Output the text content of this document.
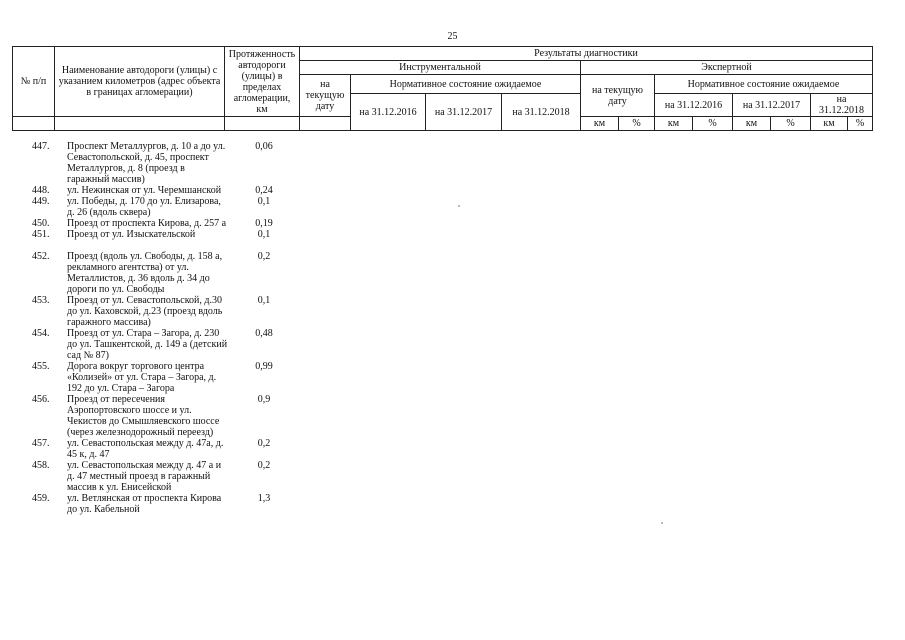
25
№ п/п	Наименование автодороги (улицы) с указанием километров (адрес объекта в границах агломерации)	Протяженность автодороги (улицы) в пределах агломерации, км	Результаты диагностики											
			Инструментальной				Экспертной							
			на текущую дату	Нормативное состояние ожидаемое			на текущую дату		Нормативное состояние ожидаемое					
				на 31.12.2016	на 31.12.2017	на 31.12.2018			на 31.12.2016		на 31.12.2017		на 31.12.2018	
							км	%	км	%	км	%	км	%
447.	Проспект Металлургов, д. 10 а до ул. Севастопольской, д. 45, проспект Металлургов, д. 8 (проезд в гаражный массив)	0,06
448.	ул. Нежинская от ул. Черемшанской	0,24
449.	ул. Победы, д. 170 до ул. Елизарова, д. 26 (вдоль сквера)	0,1
450.	Проезд от проспекта Кирова, д. 257 а	0,19
451.	Проезд от ул. Изыскательской	0,1
452.	Проезд (вдоль ул. Свободы, д. 158 а, рекламного агентства) от ул. Металлистов, д. 36 вдоль д. 34 до дороги по ул. Свободы	0,2
453.	Проезд от ул. Севастопольской, д.30 до ул. Каховской, д.23 (проезд вдоль гаражного массива)	0,1
454.	Проезд от ул. Стара – Загора, д. 230 до ул. Ташкентской, д. 149 а (детский сад № 87)	0,48
455.	Дорога вокруг торгового центра «Колизей» от ул. Стара – Загора, д. 192 до ул. Стара – Загора	0,99
456.	Проезд от пересечения Аэропортовского шоссе и ул. Чекистов до Смышляевского шоссе (через железнодорожный переезд)	0,9
457.	ул. Севастопольская между д. 47а, д. 45 к, д. 47	0,2
458.	ул. Севастопольская между д. 47 а и д. 47 местный проезд в гаражный массив к ул. Енисейской	0,2
459.	ул. Ветлянская от проспекта Кирова до ул. Кабельной	1,3
